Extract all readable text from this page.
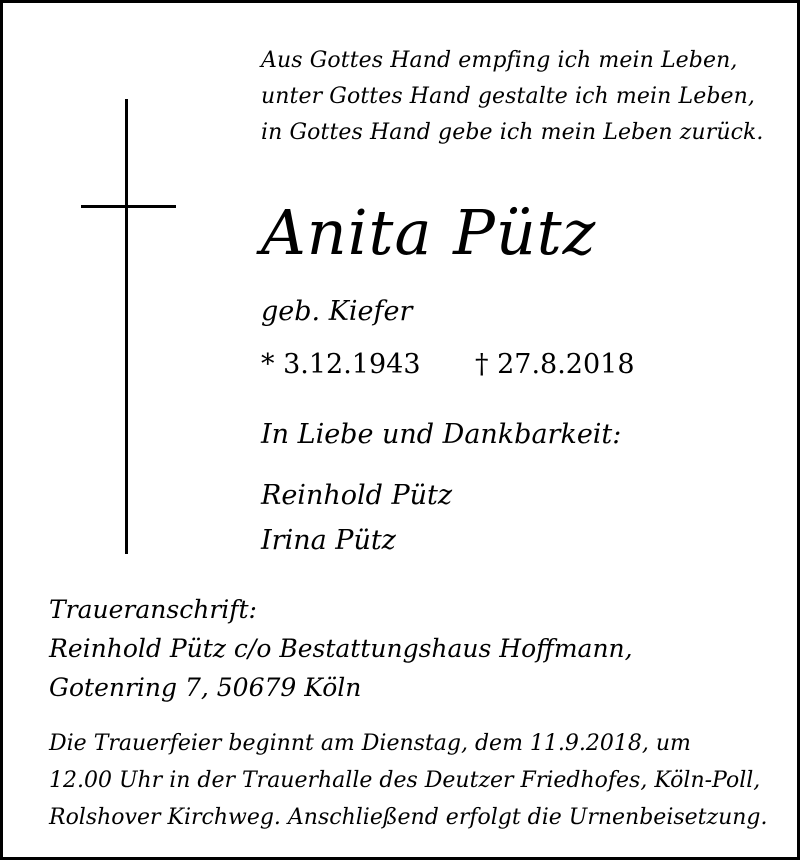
Aus Gottes Hand empfing ich mein Leben,
unter Gottes Hand gestalte ich mein Leben,
in Gottes Hand gebe ich mein Leben zurück.
Anita Pütz
geb. Kiefer
* 3.12.1943 † 27.8.2018
In Liebe und Dankbarkeit:
Reinhold Pütz
Irina Pütz
Traueranschrift:
Reinhold Pütz c/o Bestattungshaus Hoffmann,
Gotenring 7, 50679 Köln
Die Trauerfeier beginnt am Dienstag, dem 11.9.2018, um
12.00 Uhr in der Trauerhalle des Deutzer Friedhofes, Köln-Poll,
Rolshover Kirchweg. Anschließend erfolgt die Urnenbeisetzung.
